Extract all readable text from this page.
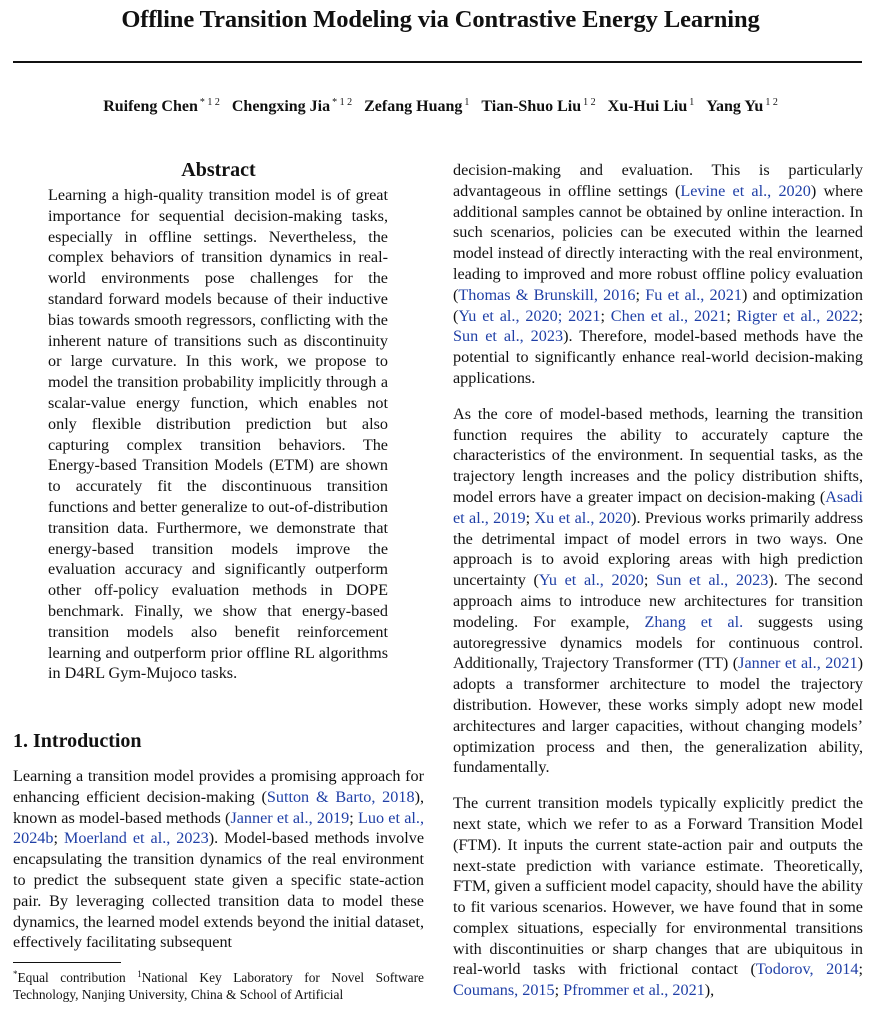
Offline Transition Modeling via Contrastive Energy Learning
Ruifeng Chen $^{* 1 2}$ Chengxing Jia $^{* 1 2}$ Zefang Huang $^1$ Tian-Shuo Liu $^{1 2}$ Xu-Hui Liu $^1$ Yang Yu $^{1 2}$
Abstract

Learning a high-quality transition model is of great importance for sequential decision-making tasks, especially in offline settings. Nevertheless, the complex behaviors of transition dynamics in real-world environments pose challenges for the standard forward models because of their inductive bias towards smooth regressors, conflicting with the inherent nature of transitions such as discontinuity or large curvature. In this work, we propose to model the transition probability implicitly through a scalar-value energy function, which enables not only flexible distribution prediction but also capturing complex transition behaviors. The Energy-based Transition Models (ETM) are shown to accurately fit the discontinuous transition functions and better generalize to out-of-distribution transition data. Furthermore, we demonstrate that energy-based transition models improve the evaluation accuracy and significantly outperform other off-policy evaluation methods in DOPE benchmark. Finally, we show that energy-based transition models also benefit reinforcement learning and outperform prior offline RL algorithms in D4RL Gym-Mujoco tasks.

1. Introduction

Learning a transition model provides a promising approach for enhancing efficient decision-making (Sutton & Barto, 2018), known as model-based methods (Janner et al., 2019; Luo et al., 2024b; Moerland et al., 2023). Model-based methods involve encapsulating the transition dynamics of the real environment to predict the subsequent state given a specific state-action pair. By leveraging collected transition data to model these dynamics, the learned model extends beyond the initial dataset, effectively facilitating subsequent

decision-making and evaluation. This is particularly advantageous in offline settings (Levine et al., 2020) where additional samples cannot be obtained by online interaction. In such scenarios, policies can be executed within the learned model instead of directly interacting with the real environment, leading to improved and more robust offline policy evaluation (Thomas & Brunskill, 2016; Fu et al., 2021) and optimization (Yu et al., 2020; 2021; Chen et al., 2021; Rigter et al., 2022; Sun et al., 2023). Therefore, model-based methods have the potential to significantly enhance real-world decision-making applications.

As the core of model-based methods, learning the transition function requires the ability to accurately capture the characteristics of the environment. In sequential tasks, as the trajectory length increases and the policy distribution shifts, model errors have a greater impact on decision-making (Asadi et al., 2019; Xu et al., 2020). Previous works primarily address the detrimental impact of model errors in two ways. One approach is to avoid exploring areas with high prediction uncertainty (Yu et al., 2020; Sun et al., 2023). The second approach aims to introduce new architectures for transition modeling. For example, Zhang et al. suggests using autoregressive dynamics models for continuous control. Additionally, Trajectory Transformer (TT) (Janner et al., 2021) adopts a transformer architecture to model the trajectory distribution. However, these works simply adopt new model architectures and larger capacities, without changing models’ optimization process and then, the generalization ability, fundamentally.

The current transition models typically explicitly predict the next state, which we refer to as a Forward Transition Model (FTM). It inputs the current state-action pair and outputs the next-state prediction with variance estimate. Theoretically, FTM, given a sufficient model capacity, should have the ability to fit various scenarios. However, we have found that in some complex situations, especially for environmental transitions with discontinuities or sharp changes that are ubiquitous in real-world tasks with frictional contact (Todorov, 2014; Coumans, 2015; Pfrommer et al., 2021),

*Equal contribution $^1$National Key Laboratory for Novel Software Technology, Nanjing University, China & School of Artificial
